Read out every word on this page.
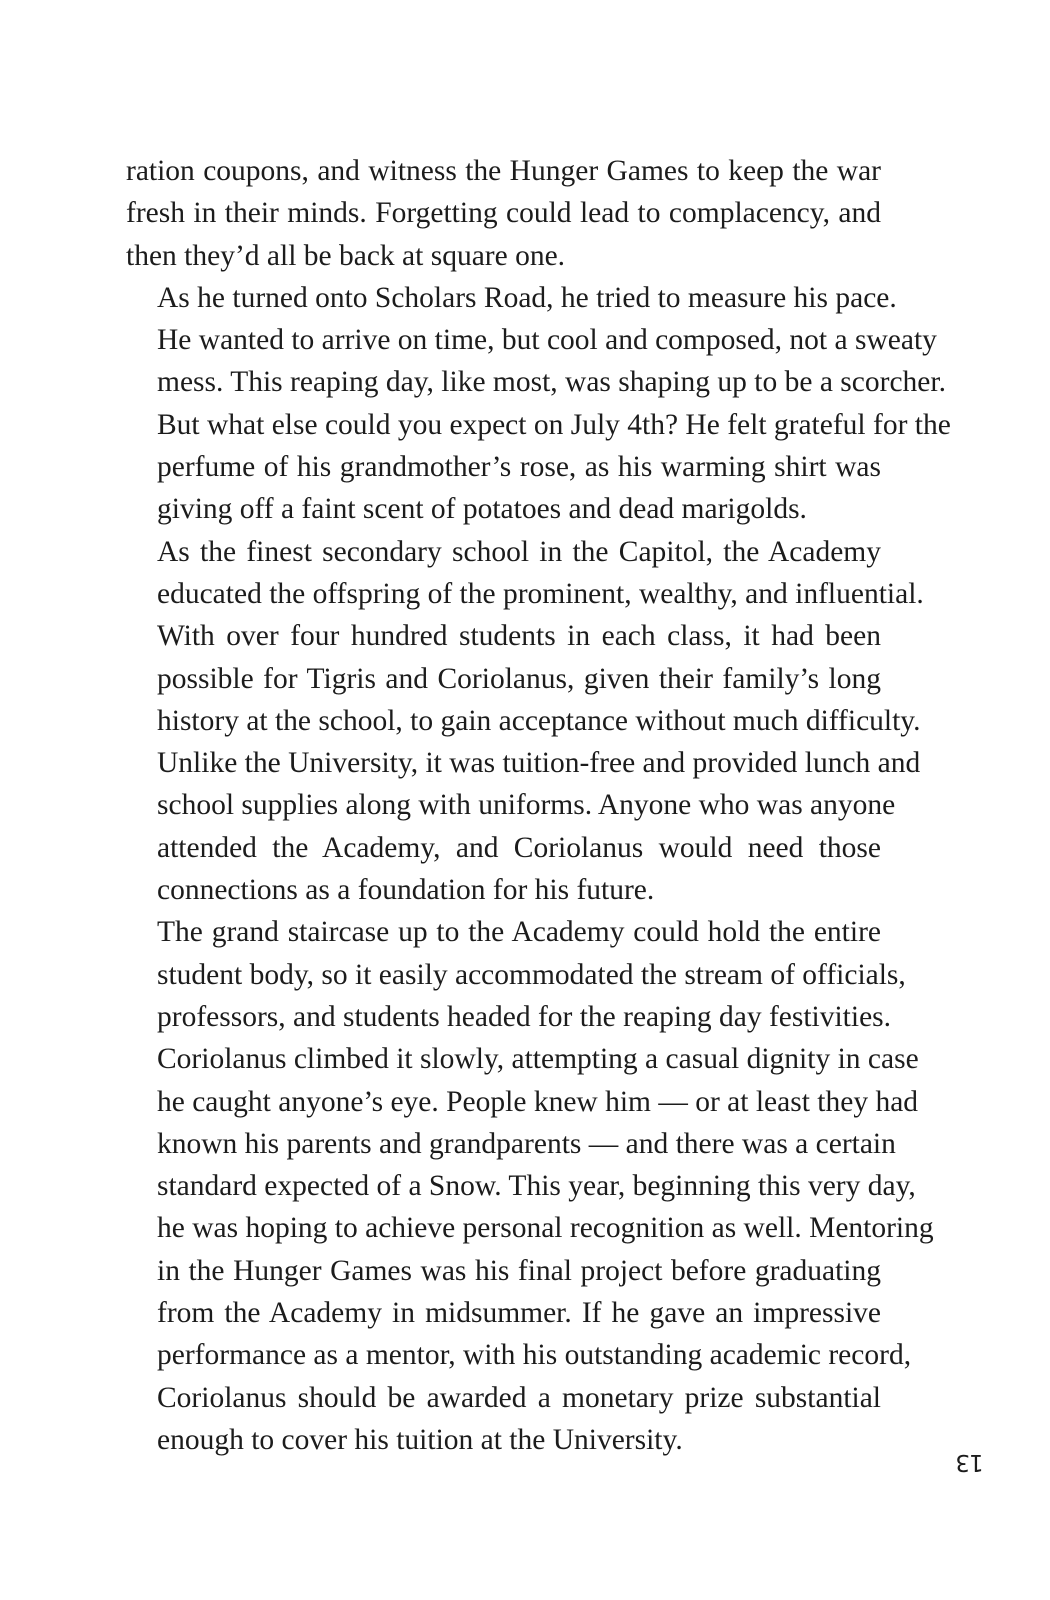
ration coupons, and witness the Hunger Games to keep the war
fresh in their minds. Forgetting could lead to complacency, and
then they’d all be back at square one.

As he turned onto Scholars Road, he tried to measure his pace.
He wanted to arrive on time, but cool and composed, not a sweaty
mess. This reaping day, like most, was shaping up to be a scorcher.
But what else could you expect on July 4th? He felt grateful for the
perfume of his grandmother’s rose, as his warming shirt was
giving off a faint scent of potatoes and dead marigolds.

As the finest secondary school in the Capitol, the Academy
educated the offspring of the prominent, wealthy, and influential.
With over four hundred students in each class, it had been
possible for Tigris and Coriolanus, given their family’s long
history at the school, to gain acceptance without much difficulty.
Unlike the University, it was tuition-free and provided lunch and
school supplies along with uniforms. Anyone who was anyone
attended the Academy, and Coriolanus would need those
connections as a foundation for his future.

The grand staircase up to the Academy could hold the entire
student body, so it easily accommodated the stream of officials,
professors, and students headed for the reaping day festivities.
Coriolanus climbed it slowly, attempting a casual dignity in case
he caught anyone’s eye. People knew him — or at least they had
known his parents and grandparents — and there was a certain
standard expected of a Snow. This year, beginning this very day,
he was hoping to achieve personal recognition as well. Mentoring
in the Hunger Games was his final project before graduating
from the Academy in midsummer. If he gave an impressive
performance as a mentor, with his outstanding academic record,
Coriolanus should be awarded a monetary prize substantial
enough to cover his tuition at the University.

13
